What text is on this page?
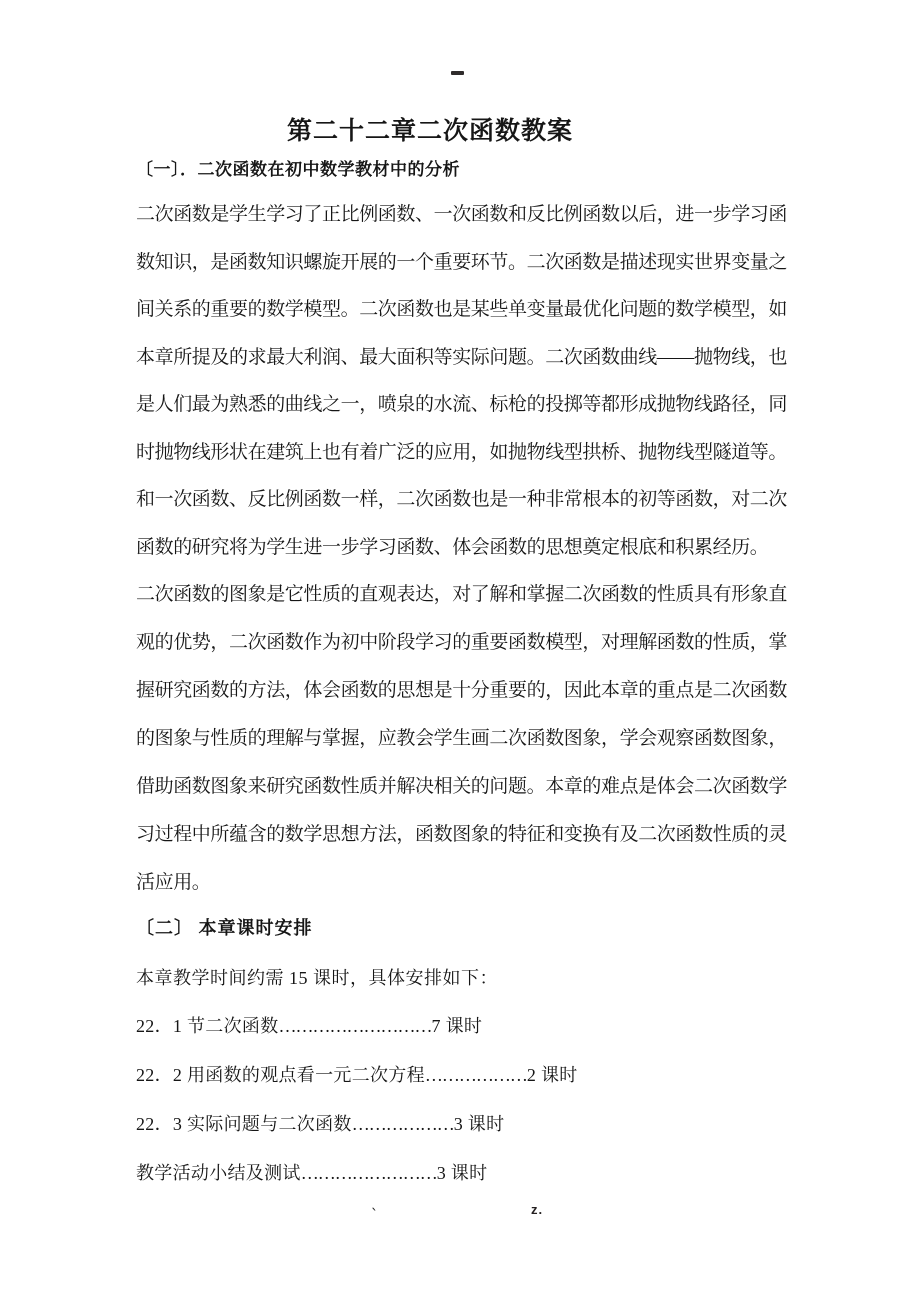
第二十二章二次函数教案
〔一〕．二次函数在初中数学教材中的分析
二次函数是学生学习了正比例函数、一次函数和反比例函数以后，进一步学习函
数知识，是函数知识螺旋开展的一个重要环节。二次函数是描述现实世界变量之
间关系的重要的数学模型。二次函数也是某些单变量最优化问题的数学模型，如
本章所提及的求最大利润、最大面积等实际问题。二次函数曲线——抛物线，也
是人们最为熟悉的曲线之一，喷泉的水流、标枪的投掷等都形成抛物线路径，同
时抛物线形状在建筑上也有着广泛的应用，如抛物线型拱桥、抛物线型隧道等。
和一次函数、反比例函数一样，二次函数也是一种非常根本的初等函数，对二次
函数的研究将为学生进一步学习函数、体会函数的思想奠定根底和积累经历。
二次函数的图象是它性质的直观表达，对了解和掌握二次函数的性质具有形象直
观的优势，二次函数作为初中阶段学习的重要函数模型，对理解函数的性质，掌
握研究函数的方法，体会函数的思想是十分重要的，因此本章的重点是二次函数
的图象与性质的理解与掌握，应教会学生画二次函数图象，学会观察函数图象，
借助函数图象来研究函数性质并解决相关的问题。本章的难点是体会二次函数学
习过程中所蕴含的数学思想方法，函数图象的特征和变换有及二次函数性质的灵
活应用。
〔二〕 本章课时安排
本章教学时间约需 15 课时，具体安排如下：
22．1 节二次函数………………………7 课时
22．2 用函数的观点看一元二次方程………………2 课时
22．3 实际问题与二次函数………………3 课时
教学活动小结及测试……………………3 课时
`	z.
